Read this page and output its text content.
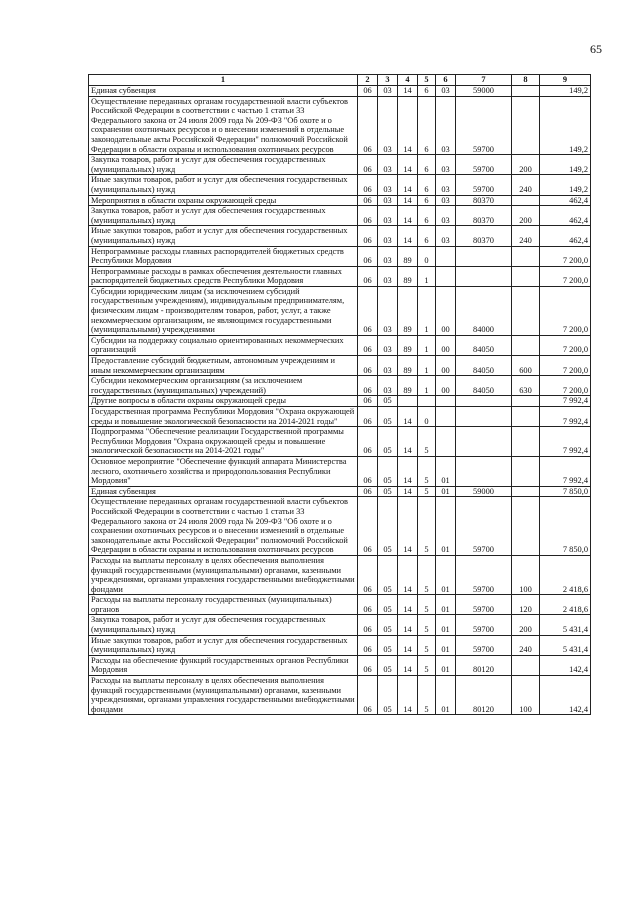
65
1	2	3	4	5	6	7	8	9
Единая субвенция	06	03	14	6	03	59000		149,2
Осуществление переданных органам государственной власти субъектов Российской Федерации в соответствии с частью 1 статьи 33 Федерального закона от 24 июля 2009 года № 209-ФЗ "Об охоте и о сохранении охотничьих ресурсов и о внесении изменений в отдельные законодательные акты Российской Федерации" полномочий Российской Федерации в области охраны и использования охотничьих ресурсов	06	03	14	6	03	59700		149,2
Закупка товаров, работ и услуг для обеспечения государственных (муниципальных) нужд	06	03	14	6	03	59700	200	149,2
Иные закупки товаров, работ и услуг для обеспечения государственных (муниципальных) нужд	06	03	14	6	03	59700	240	149,2
Мероприятия в области охраны окружающей среды	06	03	14	6	03	80370		462,4
Закупка товаров, работ и услуг для обеспечения государственных (муниципальных) нужд	06	03	14	6	03	80370	200	462,4
Иные закупки товаров, работ и услуг для обеспечения государственных (муниципальных) нужд	06	03	14	6	03	80370	240	462,4
Непрограммные расходы главных распорядителей бюджетных средств Республики Мордовия	06	03	89	0				7 200,0
Непрограммные расходы в рамках обеспечения деятельности главных распорядителей бюджетных средств Республики Мордовия	06	03	89	1				7 200,0
Субсидии юридическим лицам (за исключением субсидий государственным учреждениям), индивидуальным предпринимателям, физическим лицам - производителям товаров, работ, услуг, а также некоммерческим организациям, не являющимся государственными (муниципальными) учреждениями	06	03	89	1	00	84000		7 200,0
Субсидии на поддержку социально ориентированных некоммерческих организаций	06	03	89	1	00	84050		7 200,0
Предоставление субсидий бюджетным, автономным учреждениям и иным некоммерческим организациям	06	03	89	1	00	84050	600	7 200,0
Субсидии некоммерческим организациям (за исключением государственных (муниципальных) учреждений)	06	03	89	1	00	84050	630	7 200,0
Другие вопросы в области охраны окружающей среды	06	05						7 992,4
Государственная программа Республики Мордовия "Охрана окружающей среды и повышение экологической безопасности на 2014-2021 годы"	06	05	14	0				7 992,4
Подпрограмма "Обеспечение реализации Государственной программы Республики Мордовия "Охрана окружающей среды и повышение экологической безопасности на 2014-2021 годы"	06	05	14	5				7 992,4
Основное мероприятие "Обеспечение функций аппарата Министерства лесного, охотничьего хозяйства и природопользования Республики Мордовия"	06	05	14	5	01			7 992,4
Единая субвенция	06	05	14	5	01	59000		7 850,0
Осуществление переданных органам государственной власти субъектов Российской Федерации в соответствии с частью 1 статьи 33 Федерального закона от 24 июля 2009 года № 209-ФЗ "Об охоте и о сохранении охотничьих ресурсов и о внесении изменений в отдельные законодательные акты Российской Федерации" полномочий Российской Федерации в области охраны и использования охотничьих ресурсов	06	05	14	5	01	59700		7 850,0
Расходы на выплаты персоналу в целях обеспечения выполнения функций государственными (муниципальными) органами, казенными учреждениями, органами управления государственными внебюджетными фондами	06	05	14	5	01	59700	100	2 418,6
Расходы на выплаты персоналу государственных (муниципальных) органов	06	05	14	5	01	59700	120	2 418,6
Закупка товаров, работ и услуг для обеспечения государственных (муниципальных) нужд	06	05	14	5	01	59700	200	5 431,4
Иные закупки товаров, работ и услуг для обеспечения государственных (муниципальных) нужд	06	05	14	5	01	59700	240	5 431,4
Расходы на обеспечение функций государственных органов Республики Мордовия	06	05	14	5	01	80120		142,4
Расходы на выплаты персоналу в целях обеспечения выполнения функций государственными (муниципальными) органами, казенными учреждениями, органами управления государственными внебюджетными фондами	06	05	14	5	01	80120	100	142,4
